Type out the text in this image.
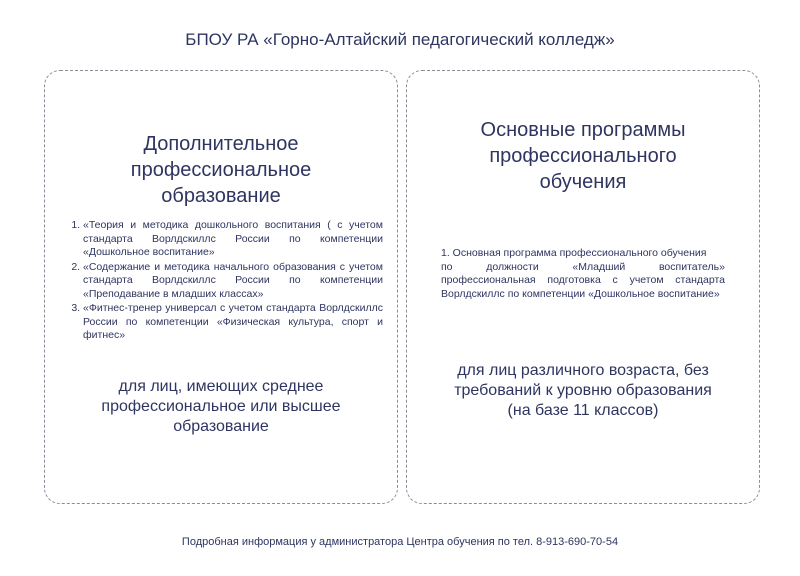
БПОУ РА «Горно-Алтайский педагогический колледж»
Дополнительное
профессиональное
образование
1. «Теория и методика дошкольного воспитания ( с учетом стандарта Ворлдскиллс России по компетенции «Дошкольное воспитание»
2. «Содержание и методика начального образования с учетом стандарта Ворлдскиллс России по компетенции «Преподавание в младших классах»
3. «Фитнес-тренер универсал с учетом стандарта Ворлдскиллс России по компетенции «Физическая культура, спорт и фитнес»
для лиц, имеющих среднее
профессиональное или высшее
образование
Основные программы
профессионального
обучения
1. Основная программа профессионального обучения
по должности «Младший воспитатель» профессиональная подготовка с учетом стандарта Ворлдскиллс по компетенции «Дошкольное воспитание»
для лиц различного возраста, без
требований к уровню образования
(на базе 11 классов)
Подробная информация у администратора Центра обучения по тел. 8-913-690-70-54
